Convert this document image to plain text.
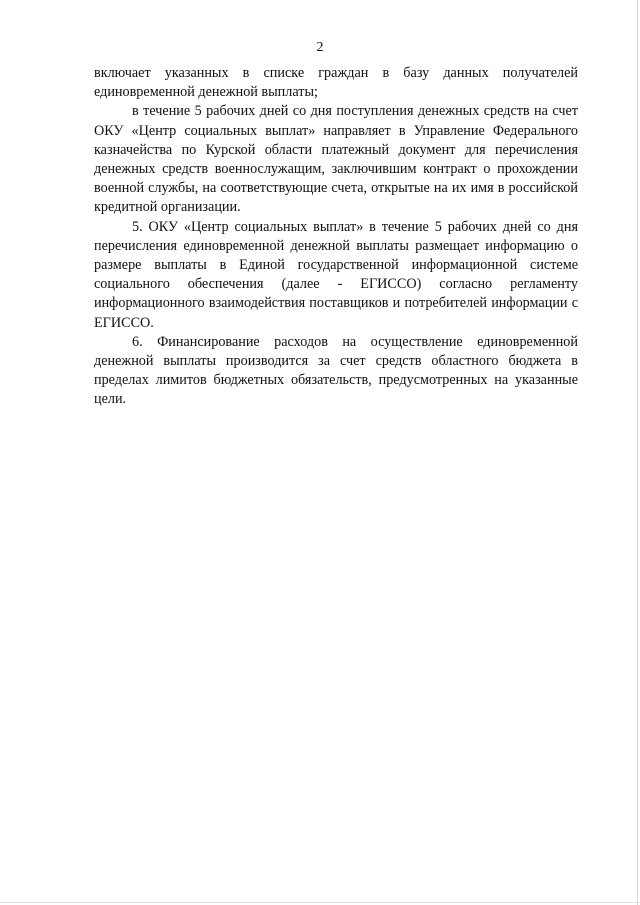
2

включает указанных в списке граждан в базу данных получателей единовременной денежной выплаты;

в течение 5 рабочих дней со дня поступления денежных средств на счет ОКУ «Центр социальных выплат» направляет в Управление Федерального казначейства по Курской области платежный документ для перечисления денежных средств военнослужащим, заключившим контракт о прохождении военной службы, на соответствующие счета, открытые на их имя в российской кредитной организации.

5. ОКУ «Центр социальных выплат» в течение 5 рабочих дней со дня перечисления единовременной денежной выплаты размещает информацию о размере выплаты в Единой государственной информационной системе социального обеспечения (далее - ЕГИССО) согласно регламенту информационного взаимодействия поставщиков и потребителей информации с ЕГИССО.

6. Финансирование расходов на осуществление единовременной денежной выплаты производится за счет средств областного бюджета в пределах лимитов бюджетных обязательств, предусмотренных на указанные цели.
